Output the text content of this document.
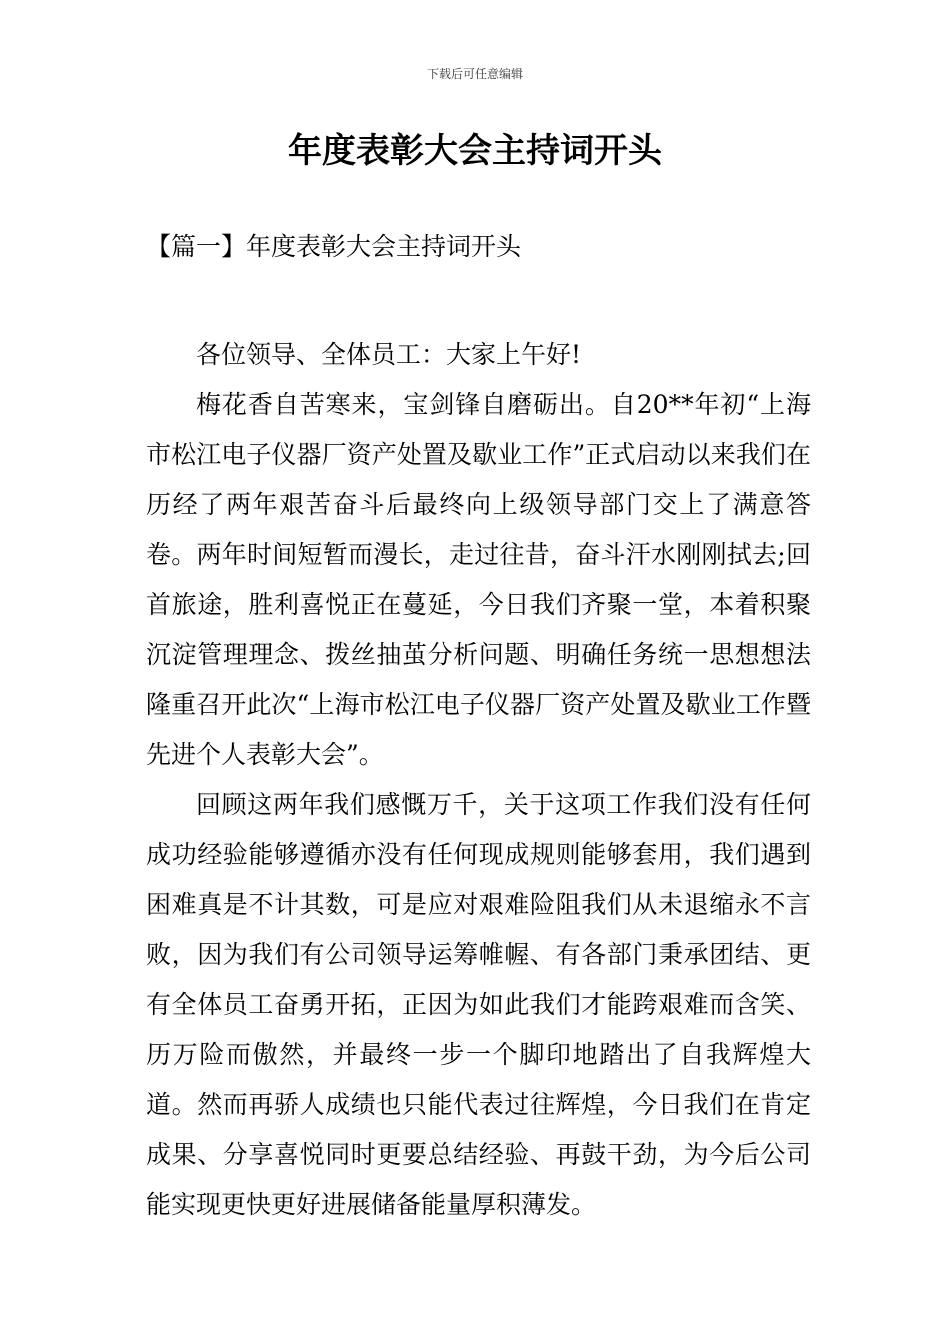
下载后可任意编辑
年度表彰大会主持词开头
【篇一】年度表彰大会主持词开头

各位领导、全体员工：大家上午好!

梅花香自苦寒来，宝剑锋自磨砺出。自20**年初“上海市松江电子仪器厂资产处置及歇业工作”正式启动以来我们在历经了两年艰苦奋斗后最终向上级领导部门交上了满意答卷。两年时间短暂而漫长，走过往昔，奋斗汗水刚刚拭去;回首旅途，胜利喜悦正在蔓延，今日我们齐聚一堂，本着积聚沉淀管理理念、拨丝抽茧分析问题、明确任务统一思想想法隆重召开此次“上海市松江电子仪器厂资产处置及歇业工作暨先进个人表彰大会”。

回顾这两年我们感慨万千，关于这项工作我们没有任何成功经验能够遵循亦没有任何现成规则能够套用，我们遇到困难真是不计其数，可是应对艰难险阻我们从未退缩永不言败，因为我们有公司领导运筹帷幄、有各部门秉承团结、更有全体员工奋勇开拓，正因为如此我们才能跨艰难而含笑、历万险而傲然，并最终一步一个脚印地踏出了自我辉煌大道。然而再骄人成绩也只能代表过往辉煌，今日我们在肯定成果、分享喜悦同时更要总结经验、再鼓干劲，为今后公司能实现更快更好进展储备能量厚积薄发。
